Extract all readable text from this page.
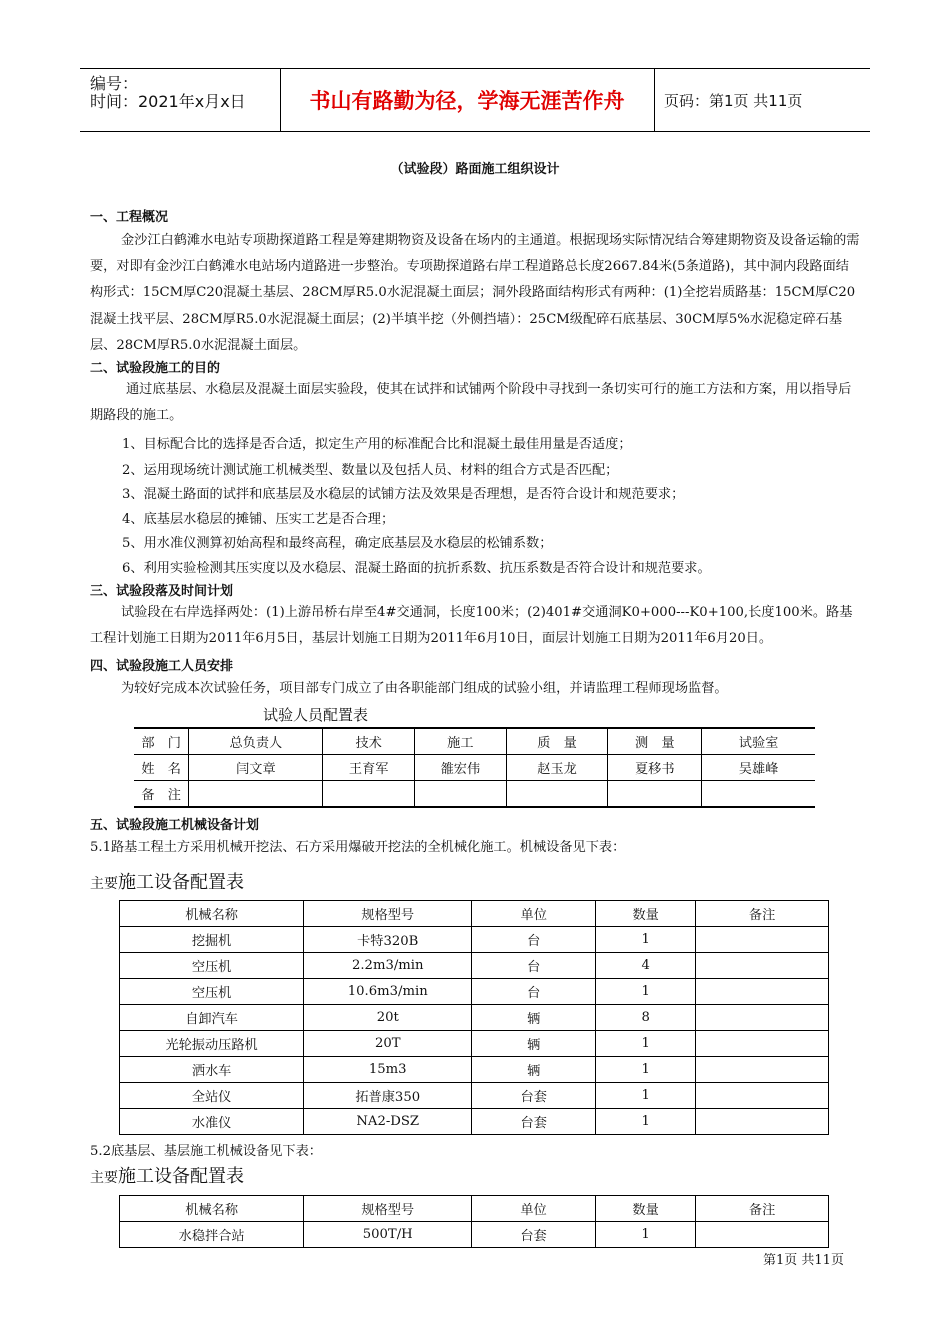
编号：
时间：2021年x月x日	书山有路勤为径，学海无涯苦作舟	页码：第1页 共11页
（试验段）路面施工组织设计
一、工程概况
金沙江白鹤滩水电站专项勘探道路工程是筹建期物资及设备在场内的主通道。根据现场实际情况结合筹建期物资及设备运输的需要，对即有金沙江白鹤滩水电站场内道路进一步整治。专项勘探道路右岸工程道路总长度2667.84米(5条道路)，其中洞内段路面结构形式：15CM厚C20混凝土基层、28CM厚R5.0水泥混凝土面层；洞外段路面结构形式有两种：(1)全挖岩质路基：15CM厚C20混凝土找平层、28CM厚R5.0水泥混凝土面层；(2)半填半挖（外侧挡墙）：25CM级配碎石底基层、30CM厚5%水泥稳定碎石基层、28CM厚R5.0水泥混凝土面层。
二、试验段施工的目的
通过底基层、水稳层及混凝土面层实验段，使其在试拌和试铺两个阶段中寻找到一条切实可行的施工方法和方案，用以指导后期路段的施工。
1、目标配合比的选择是否合适，拟定生产用的标准配合比和混凝土最佳用量是否适度；
2、运用现场统计测试施工机械类型、数量以及包括人员、材料的组合方式是否匹配；
3、混凝土路面的试拌和底基层及水稳层的试铺方法及效果是否理想，是否符合设计和规范要求；
4、底基层水稳层的摊铺、压实工艺是否合理；
5、用水准仪测算初始高程和最终高程，确定底基层及水稳层的松铺系数；
6、利用实验检测其压实度以及水稳层、混凝土路面的抗折系数、抗压系数是否符合设计和规范要求。
三、试验段落及时间计划
试验段在右岸选择两处：(1)上游吊桥右岸至4#交通洞，长度100米；(2)401#交通洞K0+000---K0+100,长度100米。路基工程计划施工日期为2011年6月5日，基层计划施工日期为2011年6月10日，面层计划施工日期为2011年6月20日。
四、试验段施工人员安排
为较好完成本次试验任务，项目部专门成立了由各职能部门组成的试验小组，并请监理工程师现场监督。
试验人员配置表
部　门	总负责人	技术	施工	质　量	测　量	试验室
姓　名	闫文章	王育军	雒宏伟	赵玉龙	夏移书	吴雄峰
备　注						
五、试验段施工机械设备计划
5.1路基工程土方采用机械开挖法、石方采用爆破开挖法的全机械化施工。机械设备见下表：
主要施工设备配置表
机械名称	规格型号	单位	数量	备注
挖掘机	卡特320B	台	1	
空压机	2.2m3/min	台	4	
空压机	10.6m3/min	台	1	
自卸汽车	20t	辆	8	
光轮振动压路机	20T	辆	1	
洒水车	15m3	辆	1	
全站仪	拓普康350	台套	1	
水准仪	NA2-DSZ	台套	1	
5.2底基层、基层施工机械设备见下表：
主要施工设备配置表
机械名称	规格型号	单位	数量	备注
水稳拌合站	500T/H	台套	1	
第1页 共11页
